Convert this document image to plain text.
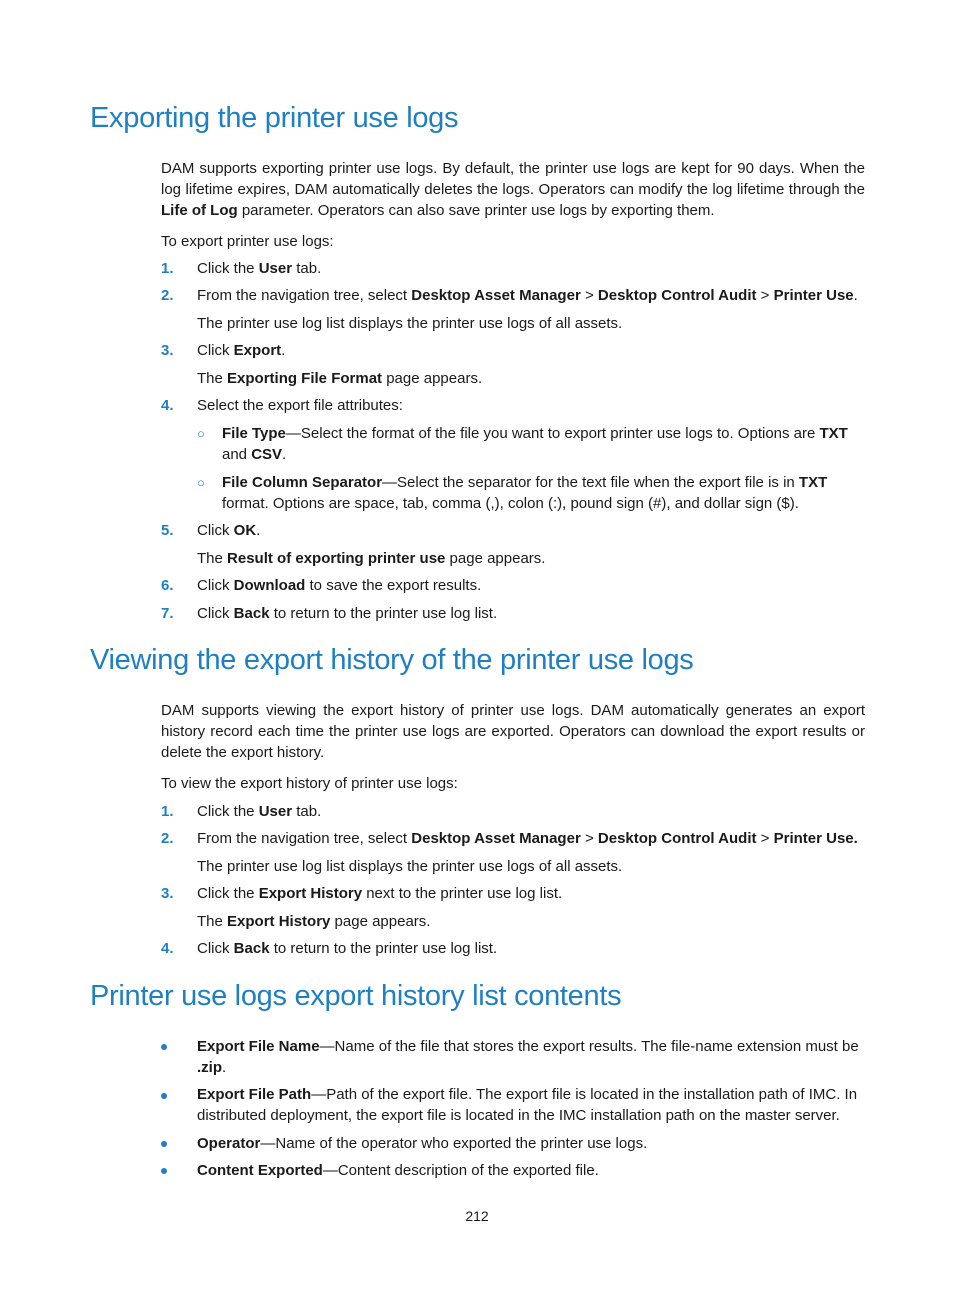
Exporting the printer use logs

DAM supports exporting printer use logs. By default, the printer use logs are kept for 90 days. When the log lifetime expires, DAM automatically deletes the logs. Operators can modify the log lifetime through the Life of Log parameter. Operators can also save printer use logs by exporting them.

To export printer use logs:

1. Click the User tab.
2. From the navigation tree, select Desktop Asset Manager > Desktop Control Audit > Printer Use.
The printer use log list displays the printer use logs of all assets.
3. Click Export.
The Exporting File Format page appears.
4. Select the export file attributes:
○ File Type—Select the format of the file you want to export printer use logs to. Options are TXT and CSV.
○ File Column Separator—Select the separator for the text file when the export file is in TXT format. Options are space, tab, comma (,), colon (:), pound sign (#), and dollar sign ($).
5. Click OK.
The Result of exporting printer use page appears.
6. Click Download to save the export results.
7. Click Back to return to the printer use log list.
Viewing the export history of the printer use logs

DAM supports viewing the export history of printer use logs. DAM automatically generates an export history record each time the printer use logs are exported. Operators can download the export results or delete the export history.

To view the export history of printer use logs:

1. Click the User tab.
2. From the navigation tree, select Desktop Asset Manager > Desktop Control Audit > Printer Use.
The printer use log list displays the printer use logs of all assets.
3. Click the Export History next to the printer use log list.
The Export History page appears.
4. Click Back to return to the printer use log list.
Printer use logs export history list contents
Export File Name—Name of the file that stores the export results. The file-name extension must be .zip.
Export File Path—Path of the export file. The export file is located in the installation path of IMC. In distributed deployment, the export file is located in the IMC installation path on the master server.
Operator—Name of the operator who exported the printer use logs.
Content Exported—Content description of the exported file.
212
